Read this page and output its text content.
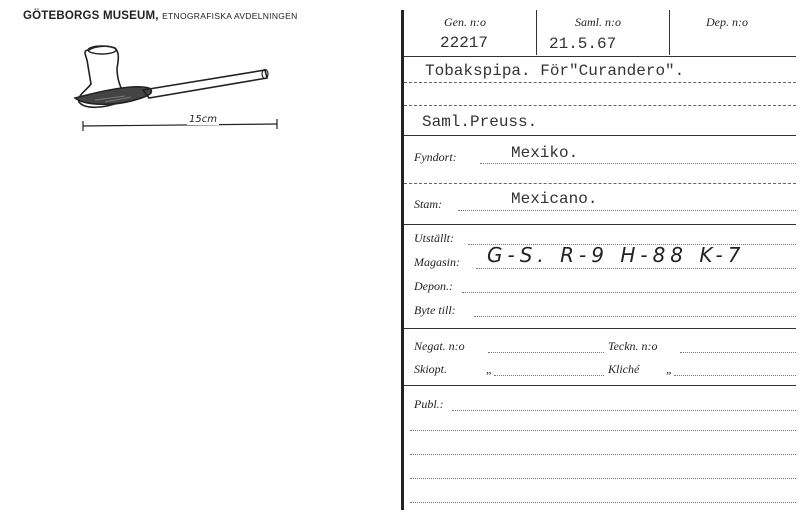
GÖTEBORGS MUSEUM, ETNOGRAFISKA AVDELNINGEN
15cm
Gen. n:o	Saml. n:o	Dep. n:o
22217	21.5.67
Tobakspipa. För"Curandero".
Saml.Preuss.
Fyndort:	Mexiko.
Stam:	Mexicano.
Utställt:
Magasin: G-S. R-9 H-88 K-7
Depon.:
Byte till:
Negat. n:o	Teckn. n:o
Skiopt.	„	Kliché „
Publ.:
